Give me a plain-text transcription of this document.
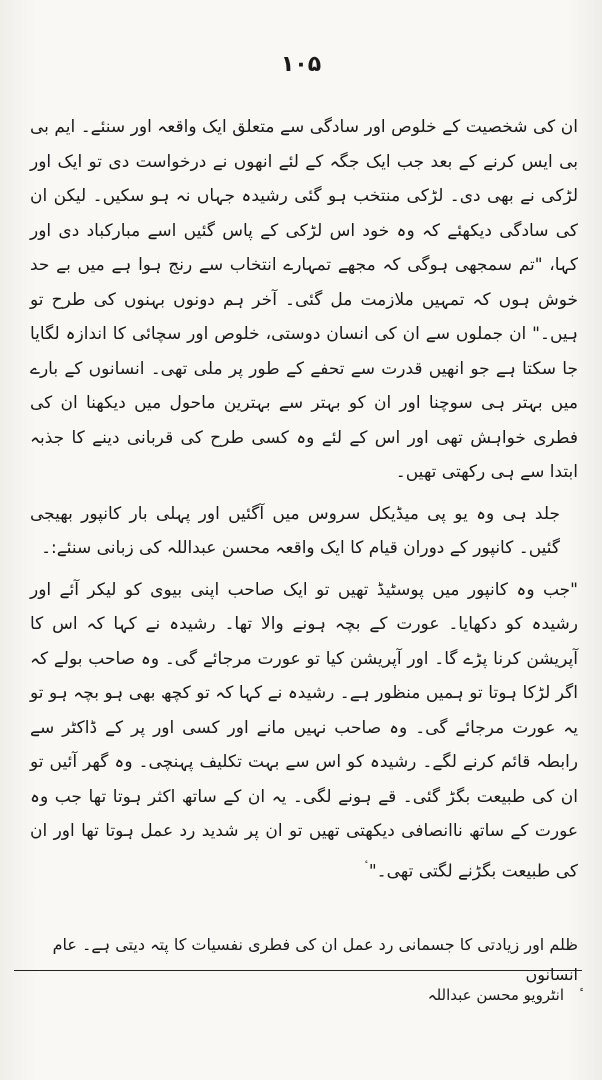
۱۰۵

ان کی شخصیت کے خلوص اور سادگی سے متعلق ایک واقعہ اور سنئے۔ ایم بی بی ایس کرنے کے بعد جب ایک جگہ کے لئے انھوں نے درخواست دی تو ایک اور لڑکی نے بھی دی۔ لڑکی منتخب ہو گئی رشیدہ جہاں نہ ہو سکیں۔ لیکن ان کی سادگی دیکھئے کہ وہ خود اس لڑکی کے پاس گئیں اسے مبارکباد دی اور کہا، "تم سمجھی ہوگی کہ مجھے تمہارے انتخاب سے رنج ہوا ہے میں بے حد خوش ہوں کہ تمہیں ملازمت مل گئی۔ آخر ہم دونوں بہنوں کی طرح تو ہیں۔" ان جملوں سے ان کی انسان دوستی، خلوص اور سچائی کا اندازہ لگایا جا سکتا ہے جو انھیں قدرت سے تحفے کے طور پر ملی تھی۔ انسانوں کے بارے میں بہتر ہی سوچنا اور ان کو بہتر سے بہترین ماحول میں دیکھنا ان کی فطری خواہش تھی اور اس کے لئے وہ کسی طرح کی قربانی دینے کا جذبہ ابتدا سے ہی رکھتی تھیں۔

جلد ہی وہ یو پی میڈیکل سروس میں آگئیں اور پہلی بار کانپور بھیجی گئیں۔ کانپور کے دوران قیام کا ایک واقعہ محسن عبداللہ کی زبانی سنئے:۔

"جب وہ کانپور میں پوسٹیڈ تھیں تو ایک صاحب اپنی بیوی کو لیکر آئے اور رشیدہ کو دکھایا۔ عورت کے بچہ ہونے والا تھا۔ رشیدہ نے کہا کہ اس کا آپریشن کرنا پڑے گا۔ اور آپریشن کیا تو عورت مرجائے گی۔ وہ صاحب بولے کہ اگر لڑکا ہوتا تو ہمیں منظور ہے۔ رشیدہ نے کہا کہ تو کچھ بھی ہو بچہ ہو تو یہ عورت مرجائے گی۔ وہ صاحب نہیں مانے اور کسی اور پر کے ڈاکٹر سے رابطہ قائم کرنے لگے۔ رشیدہ کو اس سے بہت تکلیف پہنچی۔ وہ گھر آئیں تو ان کی طبیعت بگڑ گئی۔ قے ہونے لگی۔ یہ ان کے ساتھ اکثر ہوتا تھا جب وہ عورت کے ساتھ ناانصافی دیکھتی تھیں تو ان پر شدید رد عمل ہوتا تھا اور ان کی طبیعت بگڑنے لگتی تھی۔"

ظلم اور زیادتی کا جسمانی رد عمل ان کی فطری نفسیات کا پتہ دیتی ہے۔ عام انسانوں
انٹرویو محسن عبداللہ
